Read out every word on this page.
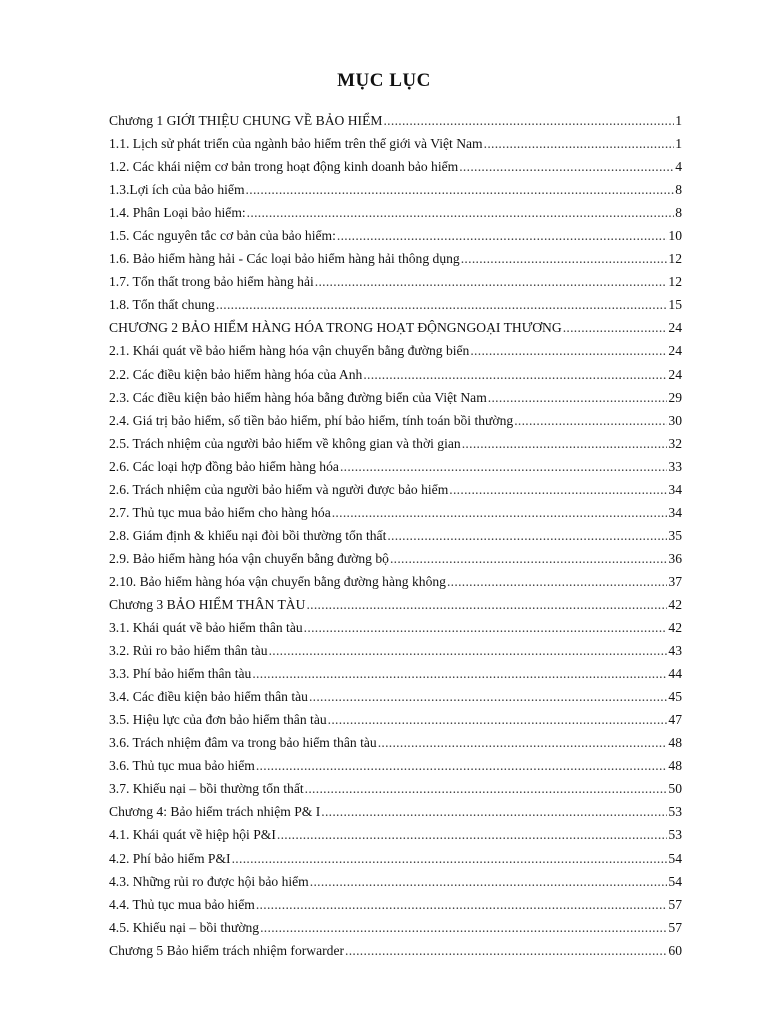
MỤC LỤC
Chương 1 GIỚI THIỆU CHUNG VỀ BẢO HIỂM .....	1
1.1. Lịch sử phát triển của ngành bảo hiểm trên thế giới và Việt Nam .....	1
1.2. Các khái niệm cơ bản trong hoạt động kinh doanh bảo hiểm .....	4
1.3.Lợi ích của bảo hiểm .....	8
1.4. Phân Loại bảo hiểm: .....	8
1.5. Các nguyên tắc cơ bản của bảo hiểm: .....	10
1.6. Bảo hiểm hàng hải - Các loại bảo hiểm hàng hải thông dụng .....	12
1.7. Tổn thất trong bảo hiểm hàng hải .....	12
1.8. Tổn thất chung .....	15
CHƯƠNG 2 BẢO HIỂM HÀNG HÓA TRONG HOẠT ĐỘNGNGOẠI THƯƠNG .....	24
2.1. Khái quát về bảo hiểm hàng hóa vận chuyển bằng đường biển .....	24
2.2. Các điều kiện bảo hiểm hàng hóa của Anh .....	24
2.3. Các điều kiện bảo hiểm hàng hóa bằng đường biển của Việt Nam .....	29
2.4. Giá trị bảo hiểm, số tiền bảo hiểm, phí bảo hiểm, tính toán bồi thường .....	30
2.5. Trách nhiệm của người bảo hiểm về không gian và thời gian .....	32
2.6. Các loại hợp đồng bảo hiểm hàng hóa .....	33
2.6. Trách nhiệm của người bảo hiểm và người được bảo hiểm .....	34
2.7. Thủ tục mua bảo hiểm cho hàng hóa .....	34
2.8. Giám định & khiếu nại đòi bồi thường tổn thất .....	35
2.9. Bảo hiểm hàng hóa vận chuyển bằng đường bộ .....	36
2.10. Bảo hiểm hàng hóa vận chuyển bằng đường hàng không .....	37
Chương 3 BẢO HIỂM THÂN TÀU .....	42
3.1. Khái quát về bảo hiểm thân tàu .....	42
3.2. Rủi ro bảo hiểm thân tàu .....	43
3.3. Phí bảo hiểm thân tàu .....	44
3.4. Các điều kiện bảo hiểm thân tàu .....	45
3.5. Hiệu lực của đơn bảo hiểm thân tàu .....	47
3.6. Trách nhiệm đâm va trong bảo hiểm thân tàu .....	48
3.6. Thủ tục mua bảo hiểm .....	48
3.7. Khiếu nại – bồi thường tổn thất .....	50
Chương 4: Bảo hiểm trách nhiệm P& I .....	53
4.1. Khái quát về hiệp hội P&I .....	53
4.2. Phí bảo hiểm P&I .....	54
4.3. Những rủi ro được hội bảo hiểm .....	54
4.4. Thủ tục mua bảo hiểm .....	57
4.5. Khiếu nại – bồi thường .....	57
Chương 5 Bảo hiểm trách nhiệm forwarder .....	60
